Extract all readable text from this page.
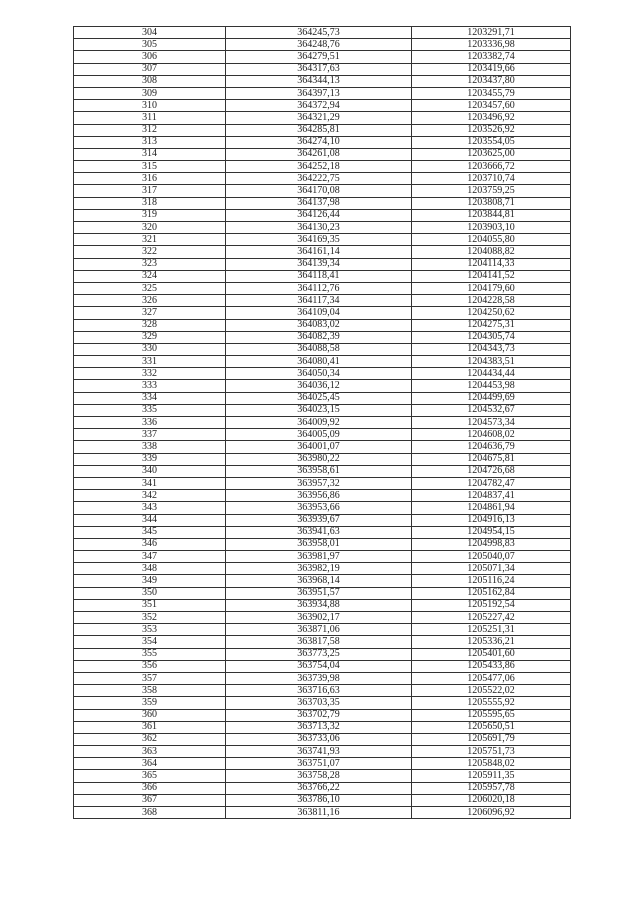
304	364245,73	1203291,71
305	364248,76	1203336,98
306	364279,51	1203382,74
307	364317,63	1203419,66
308	364344,13	1203437,80
309	364397,13	1203455,79
310	364372,94	1203457,60
311	364321,29	1203496,92
312	364285,81	1203526,92
313	364274,10	1203554,05
314	364261,08	1203625,00
315	364252,18	1203666,72
316	364222,75	1203710,74
317	364170,08	1203759,25
318	364137,98	1203808,71
319	364126,44	1203844,81
320	364130,23	1203903,10
321	364169,35	1204055,80
322	364161,14	1204088,82
323	364139,34	1204114,33
324	364118,41	1204141,52
325	364112,76	1204179,60
326	364117,34	1204228,58
327	364109,04	1204250,62
328	364083,02	1204275,31
329	364082,39	1204305,74
330	364088,58	1204343,73
331	364080,41	1204383,51
332	364050,34	1204434,44
333	364036,12	1204453,98
334	364025,45	1204499,69
335	364023,15	1204532,67
336	364009,92	1204573,34
337	364005,09	1204608,02
338	364001,07	1204636,79
339	363980,22	1204675,81
340	363958,61	1204726,68
341	363957,32	1204782,47
342	363956,86	1204837,41
343	363953,66	1204861,94
344	363939,67	1204916,13
345	363941,63	1204954,15
346	363958,01	1204998,83
347	363981,97	1205040,07
348	363982,19	1205071,34
349	363968,14	1205116,24
350	363951,57	1205162,84
351	363934,88	1205192,54
352	363902,17	1205227,42
353	363871,06	1205251,31
354	363817,58	1205336,21
355	363773,25	1205401,60
356	363754,04	1205433,86
357	363739,98	1205477,06
358	363716,63	1205522,02
359	363703,35	1205555,92
360	363702,79	1205595,65
361	363713,32	1205650,51
362	363733,06	1205691,79
363	363741,93	1205751,73
364	363751,07	1205848,02
365	363758,28	1205911,35
366	363766,22	1205957,78
367	363786,10	1206020,18
368	363811,16	1206096,92
